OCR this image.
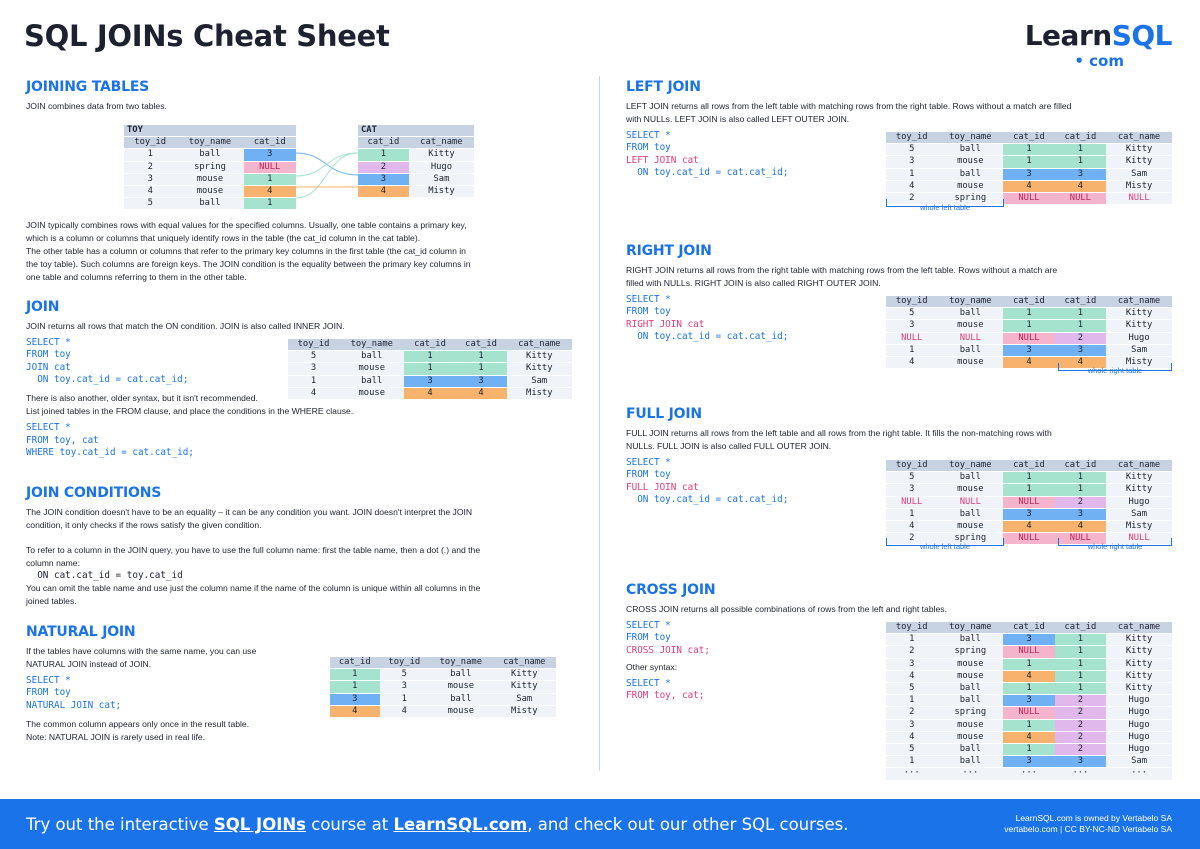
SQL JOINs Cheat Sheet	LearnSQL
• com
JOINING TABLES
JOIN combines data from two tables.
TOY		
toy_id	toy_name	cat_id
1	ball	3
2	spring	NULL
3	mouse	1
4	mouse	4
5	ball	1
CAT	
cat_id	cat_name
1	Kitty
2	Hugo
3	Sam
4	Misty
JOIN typically combines rows with equal values for the specified columns. Usually, one table contains a primary key,
which is a column or columns that uniquely identify rows in the table (the cat_id column in the cat table).
The other table has a column or columns that refer to the primary key columns in the first table (the cat_id column in
the toy table). Such columns are foreign keys. The JOIN condition is the equality between the primary key columns in
one table and columns referring to them in the other table.
JOIN
JOIN returns all rows that match the ON condition. JOIN is also called INNER JOIN.
SELECT *
FROM toy
JOIN cat
ON toy.cat_id = cat.cat_id;
There is also another, older syntax, but it isn't recommended.
List joined tables in the FROM clause, and place the conditions in the WHERE clause.
SELECT *
FROM toy, cat
WHERE toy.cat_id = cat.cat_id;
toy_id	toy_name	cat_id	cat_id	cat_name
5	ball	1	1	Kitty
3	mouse	1	1	Kitty
1	ball	3	3	Sam
4	mouse	4	4	Misty
JOIN CONDITIONS
The JOIN condition doesn't have to be an equality – it can be any condition you want. JOIN doesn't interpret the JOIN
condition, it only checks if the rows satisfy the given condition.
To refer to a column in the JOIN query, you have to use the full column name: first the table name, then a dot (.) and the
column name:
ON cat.cat_id = toy.cat_id
You can omit the table name and use just the column name if the name of the column is unique within all columns in the
joined tables.
NATURAL JOIN
If the tables have columns with the same name, you can use
NATURAL JOIN instead of JOIN.
SELECT *
FROM toy
NATURAL JOIN cat;
The common column appears only once in the result table.
Note: NATURAL JOIN is rarely used in real life.
cat_id	toy_id	toy_name	cat_name
1	5	ball	Kitty
1	3	mouse	Kitty
3	1	ball	Sam
4	4	mouse	Misty
LEFT JOIN
LEFT JOIN returns all rows from the left table with matching rows from the right table. Rows without a match are filled
with NULLs. LEFT JOIN is also called LEFT OUTER JOIN.
SELECT *
FROM toy
LEFT JOIN cat
ON toy.cat_id = cat.cat_id;
toy_id	toy_name	cat_id	cat_id	cat_name
5	ball	1	1	Kitty
3	mouse	1	1	Kitty
1	ball	3	3	Sam
4	mouse	4	4	Misty
2	spring	NULL	NULL	NULL
whole left table
RIGHT JOIN
RIGHT JOIN returns all rows from the right table with matching rows from the left table. Rows without a match are
filled with NULLs. RIGHT JOIN is also called RIGHT OUTER JOIN.
SELECT *
FROM toy
RIGHT JOIN cat
ON toy.cat_id = cat.cat_id;
toy_id	toy_name	cat_id	cat_id	cat_name
5	ball	1	1	Kitty
3	mouse	1	1	Kitty
NULL	NULL	NULL	2	Hugo
1	ball	3	3	Sam
4	mouse	4	4	Misty
whole right table
FULL JOIN
FULL JOIN returns all rows from the left table and all rows from the right table. It fills the non-matching rows with
NULLs. FULL JOIN is also called FULL OUTER JOIN.
SELECT *
FROM toy
FULL JOIN cat
ON toy.cat_id = cat.cat_id;
toy_id	toy_name	cat_id	cat_id	cat_name
5	ball	1	1	Kitty
3	mouse	1	1	Kitty
NULL	NULL	NULL	2	Hugo
1	ball	3	3	Sam
4	mouse	4	4	Misty
2	spring	NULL	NULL	NULL
whole left table	whole right table
CROSS JOIN
CROSS JOIN returns all possible combinations of rows from the left and right tables.
SELECT *
FROM toy
CROSS JOIN cat;
Other syntax:
SELECT *
FROM toy, cat;
toy_id	toy_name	cat_id	cat_id	cat_name
1	ball	3	1	Kitty
2	spring	NULL	1	Kitty
3	mouse	1	1	Kitty
4	mouse	4	1	Kitty
5	ball	1	1	Kitty
1	ball	3	2	Hugo
2	spring	NULL	2	Hugo
3	mouse	1	2	Hugo
4	mouse	4	2	Hugo
5	ball	1	2	Hugo
1	ball	3	3	Sam
···	···	···	···	···
Try out the interactive SQL JOINs course at LearnSQL.com, and check out our other SQL courses.	LearnSQL.com is owned by Vertabelo SA
vertabelo.com | CC BY-NC-ND Vertabelo SA
